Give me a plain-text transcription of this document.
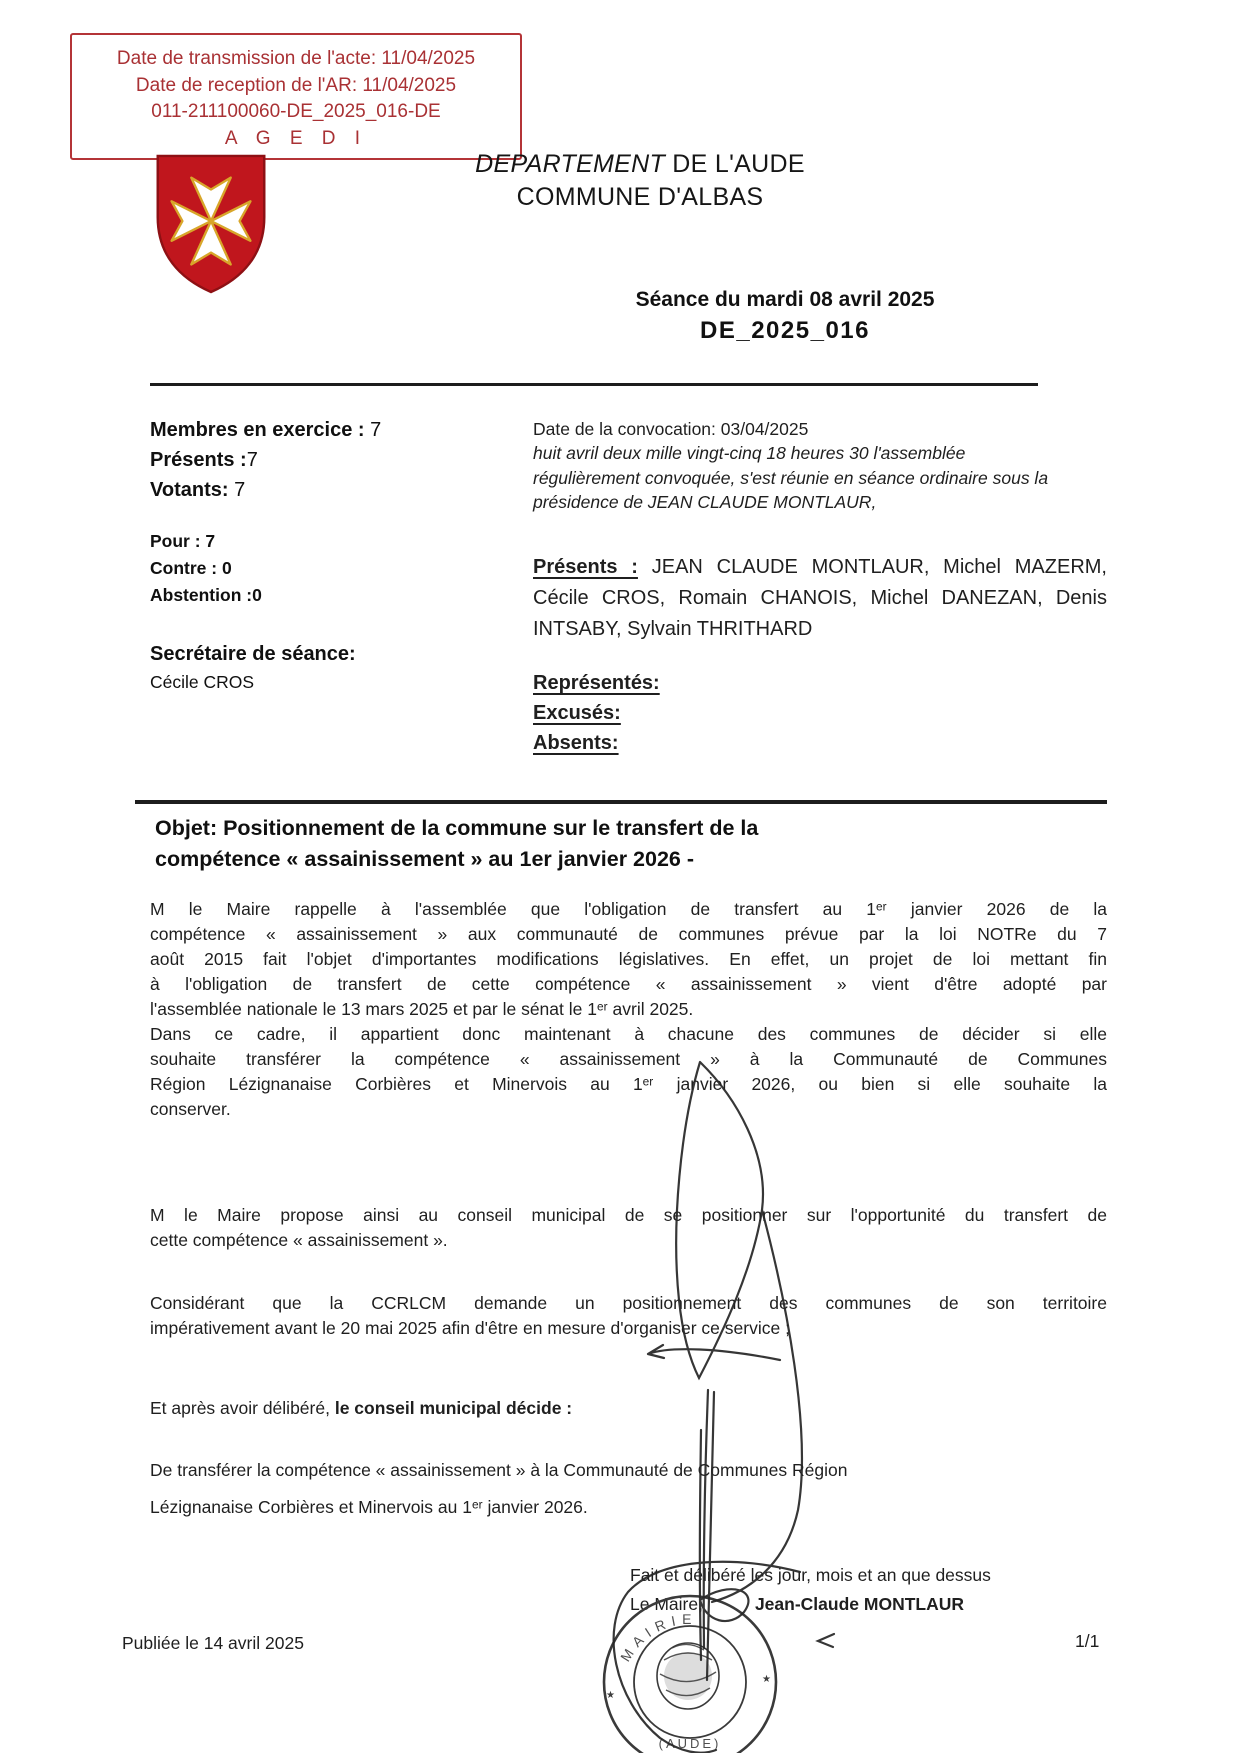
Date de transmission de l'acte: 11/04/2025
Date de reception de l'AR: 11/04/2025
011-211100060-DE_2025_016-DE
A G E D I
DEPARTEMENT DE L'AUDE
COMMUNE D'ALBAS
Séance du mardi 08 avril 2025
DE_2025_016
Membres en exercice : 7
Présents :7
Votants: 7
Pour : 7
Contre : 0
Abstention :0
Secrétaire de séance:
Cécile CROS
Date de la convocation: 03/04/2025
huit avril deux mille vingt-cinq 18 heures 30 l'assemblée
régulièrement convoquée, s'est réunie en séance ordinaire sous la
présidence de JEAN CLAUDE MONTLAUR,
Présents : JEAN CLAUDE MONTLAUR, Michel MAZERM, Cécile CROS, Romain CHANOIS, Michel DANEZAN, Denis INTSABY, Sylvain THRITHARD
Représentés:
Excusés:
Absents:
Objet: Positionnement de la commune sur le transfert de la
compétence « assainissement » au 1er janvier 2026 -
M le Maire rappelle à l'assemblée que l'obligation de transfert au 1ᵉʳ janvier 2026 de la
compétence « assainissement » aux communauté de communes prévue par la loi NOTRe du 7
août 2015 fait l'objet d'importantes modifications législatives. En effet, un projet de loi mettant fin
à l'obligation de transfert de cette compétence « assainissement » vient d'être adopté par
l'assemblée nationale le 13 mars 2025 et par le sénat le 1ᵉʳ avril 2025.
Dans ce cadre, il appartient donc maintenant à chacune des communes de décider si elle
souhaite transférer la compétence « assainissement » à la Communauté de Communes
Région Lézignanaise Corbières et Minervois au 1ᵉʳ janvier 2026, ou bien si elle souhaite la
conserver.
M le Maire propose ainsi au conseil municipal de se positionner sur l'opportunité du transfert de
cette compétence « assainissement ».
Considérant que la CCRLCM demande un positionnement des communes de son territoire
impérativement avant le 20 mai 2025 afin d'être en mesure d'organiser ce service ;
Et après avoir délibéré, le conseil municipal décide :
De transférer la compétence « assainissement » à la Communauté de Communes Région
Lézignanaise Corbières et Minervois au 1ᵉʳ janvier 2026.
Fait et délibéré les jour, mois et an que dessus
Le Maire,	Jean-Claude MONTLAUR
Publiée le 14 avril 2025	1/1
MAIRIE
(AUDE)
★
★
